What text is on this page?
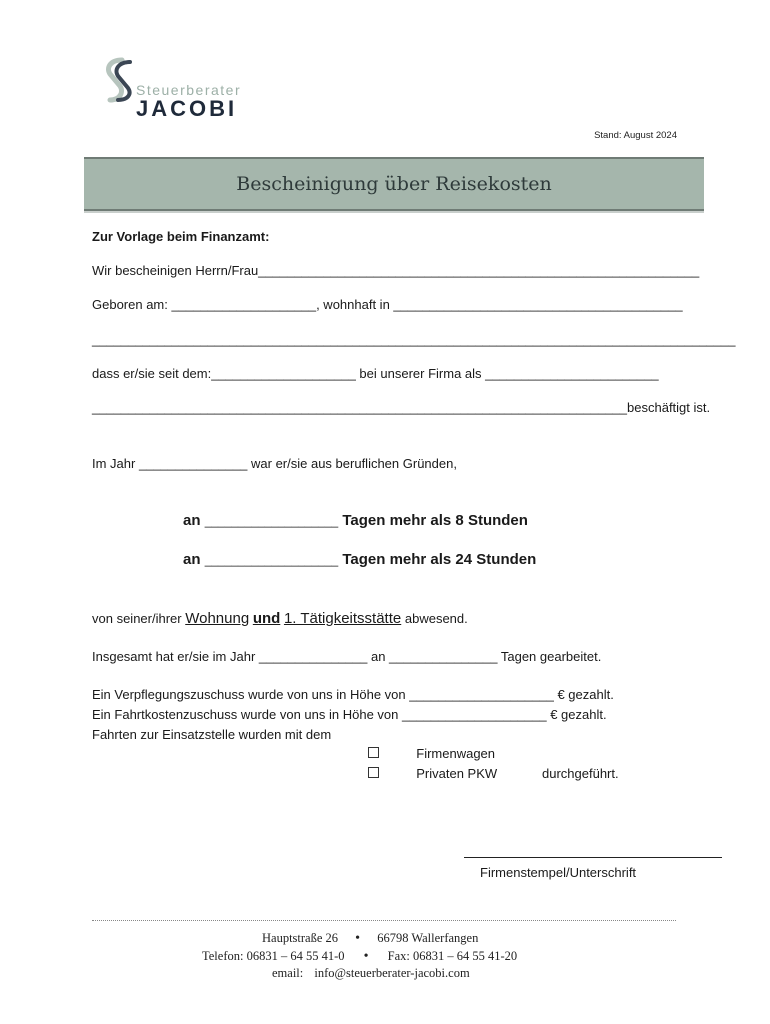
Steuerberater
JACOBI
Stand: August 2024
Bescheinigung über Reisekosten
Zur Vorlage beim Finanzamt:
Wir bescheinigen Herrn/Frau_____________________________________________________________
Geboren am: ____________________, wohnhaft in ________________________________________
_________________________________________________________________________________________
dass er/sie seit dem:____________________ bei unserer Firma als ________________________
__________________________________________________________________________beschäftigt ist.
Im Jahr _______________ war er/sie aus beruflichen Gründen,
an ____________________ Tagen mehr als 8 Stunden
an ____________________ Tagen mehr als 24 Stunden
von seiner/ihrer Wohnung und 1. Tätigkeitsstätte abwesend.
Insgesamt hat er/sie im Jahr _______________ an _______________ Tagen gearbeitet.
Ein Verpflegungszuschuss wurde von uns in Höhe von ____________________ € gezahlt.
Ein Fahrtkostenzuschuss wurde von uns in Höhe von ____________________ € gezahlt.
Fahrten zur Einsatzstelle wurden mit dem
Firmenwagen
Privaten PKW	durchgeführt.
Firmenstempel/Unterschrift
Hauptstraße 26 • 66798 Wallerfangen
Telefon: 06831 – 64 55 41-0 • Fax: 06831 – 64 55 41-20
email: info@steuerberater-jacobi.com
